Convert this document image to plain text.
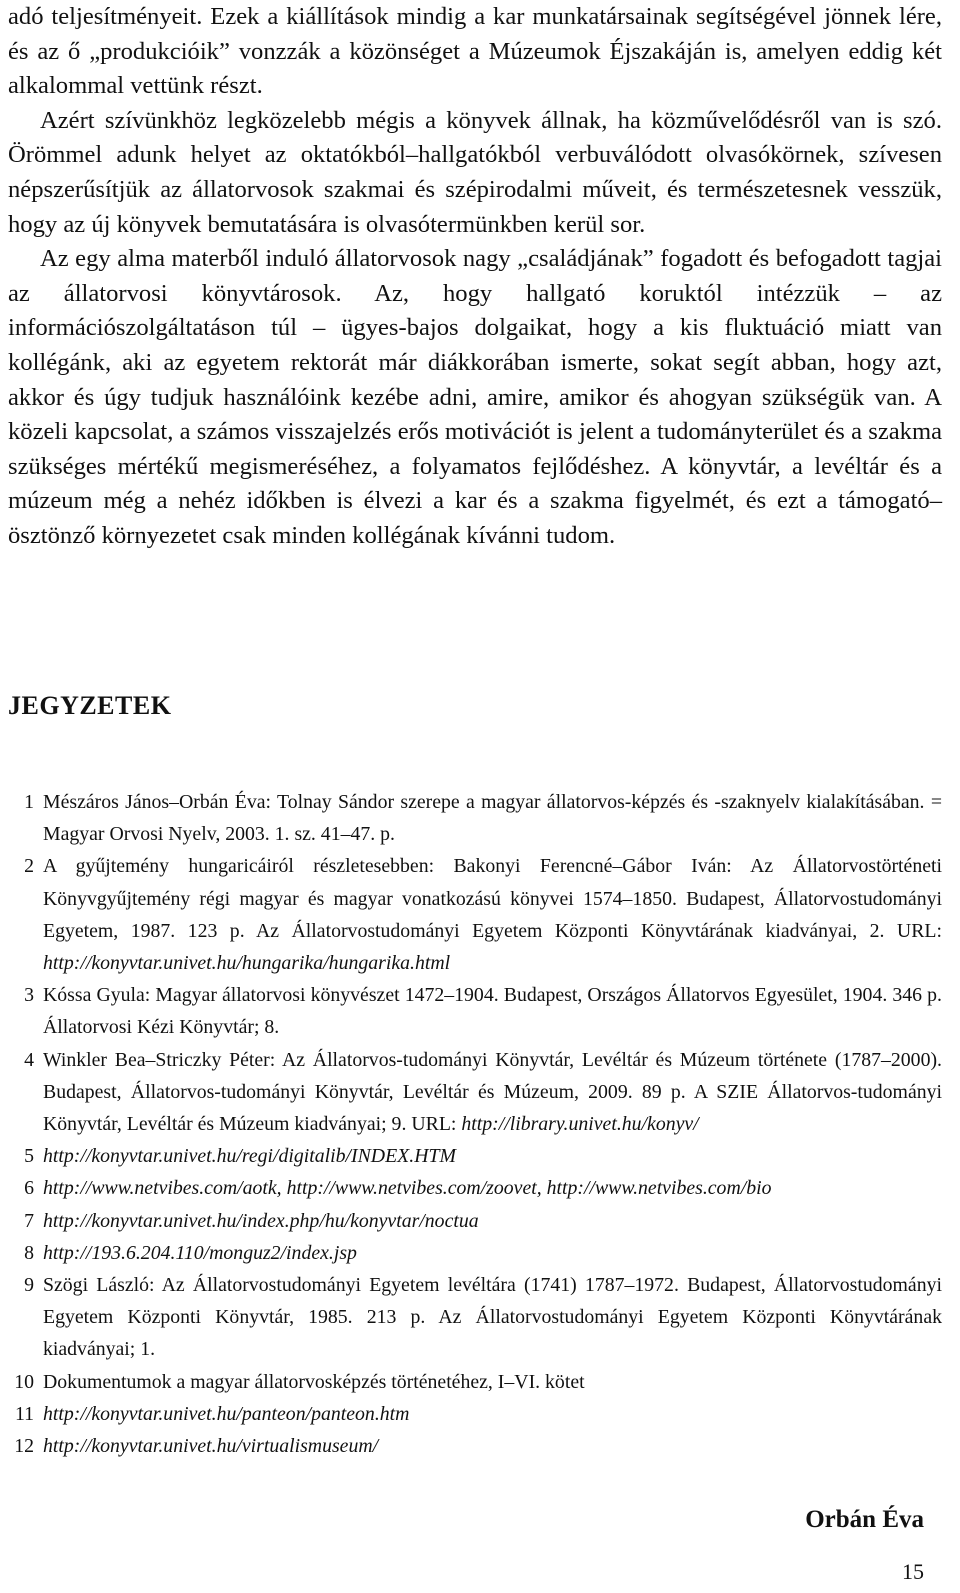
adó teljesítményeit. Ezek a kiállítások mindig a kar munkatársainak segítségével jönnek lére, és az ő „produkcióik” vonzzák a közönséget a Múzeumok Éjszakáján is, amelyen eddig két alkalommal vettünk részt.

Azért szívünkhöz legközelebb mégis a könyvek állnak, ha közművelődésről van is szó. Örömmel adunk helyet az oktatókból–hallgatókból verbuválódott olvasókörnek, szívesen népszerűsítjük az állatorvosok szakmai és szépirodalmi műveit, és természetesnek vesszük, hogy az új könyvek bemutatására is olvasótermünkben kerül sor.

Az egy alma materből induló állatorvosok nagy „családjának” fogadott és befogadott tagjai az állatorvosi könyvtárosok. Az, hogy hallgató koruktól intézzük – az információszolgáltatáson túl – ügyes-bajos dolgaikat, hogy a kis fluktuáció miatt van kollégánk, aki az egyetem rektorát már diákkorában ismerte, sokat segít abban, hogy azt, akkor és úgy tudjuk használóink kezébe adni, amire, amikor és ahogyan szükségük van. A közeli kapcsolat, a számos visszajelzés erős motivációt is jelent a tudományterület és a szakma szükséges mértékű megismeréséhez, a folyamatos fejlődéshez. A könyvtár, a levéltár és a múzeum még a nehéz időkben is élvezi a kar és a szakma figyelmét, és ezt a támogató–ösztönző környezetet csak minden kollégának kívánni tudom.

JEGYZETEK
1 Mészáros János–Orbán Éva: Tolnay Sándor szerepe a magyar állatorvos-képzés és -szaknyelv kialakításában. = Magyar Orvosi Nyelv, 2003. 1. sz. 41–47. p.
2 A gyűjtemény hungaricáiról részletesebben: Bakonyi Ferencné–Gábor Iván: Az Állatorvostörténeti Könyvgyűjtemény régi magyar és magyar vonatkozású könyvei 1574–1850. Budapest, Állatorvostudományi Egyetem, 1987. 123 p. Az Állatorvostudományi Egyetem Központi Könyvtárának kiadványai, 2. URL: http://konyvtar.univet.hu/hungarika/hungarika.html
3 Kóssa Gyula: Magyar állatorvosi könyvészet 1472–1904. Budapest, Országos Állatorvos Egyesület, 1904. 346 p. Állatorvosi Kézi Könyvtár; 8.
4 Winkler Bea–Striczky Péter: Az Állatorvos-tudományi Könyvtár, Levéltár és Múzeum története (1787–2000). Budapest, Állatorvos-tudományi Könyvtár, Levéltár és Múzeum, 2009. 89 p. A SZIE Állatorvos-tudományi Könyvtár, Levéltár és Múzeum kiadványai; 9. URL: http://library.univet.hu/konyv/
5 http://konyvtar.univet.hu/regi/digitalib/INDEX.HTM
6 http://www.netvibes.com/aotk, http://www.netvibes.com/zoovet, http://www.netvibes.com/bio
7 http://konyvtar.univet.hu/index.php/hu/konyvtar/noctua
8 http://193.6.204.110/monguz2/index.jsp
9 Szögi László: Az Állatorvostudományi Egyetem levéltára (1741) 1787–1972. Budapest, Állatorvostudományi Egyetem Központi Könyvtár, 1985. 213 p. Az Állatorvostudományi Egyetem Központi Könyvtárának kiadványai; 1.
10 Dokumentumok a magyar állatorvosképzés történetéhez, I–VI. kötet
11 http://konyvtar.univet.hu/panteon/panteon.htm
12 http://konyvtar.univet.hu/virtualismuseum/

Orbán Éva

15
